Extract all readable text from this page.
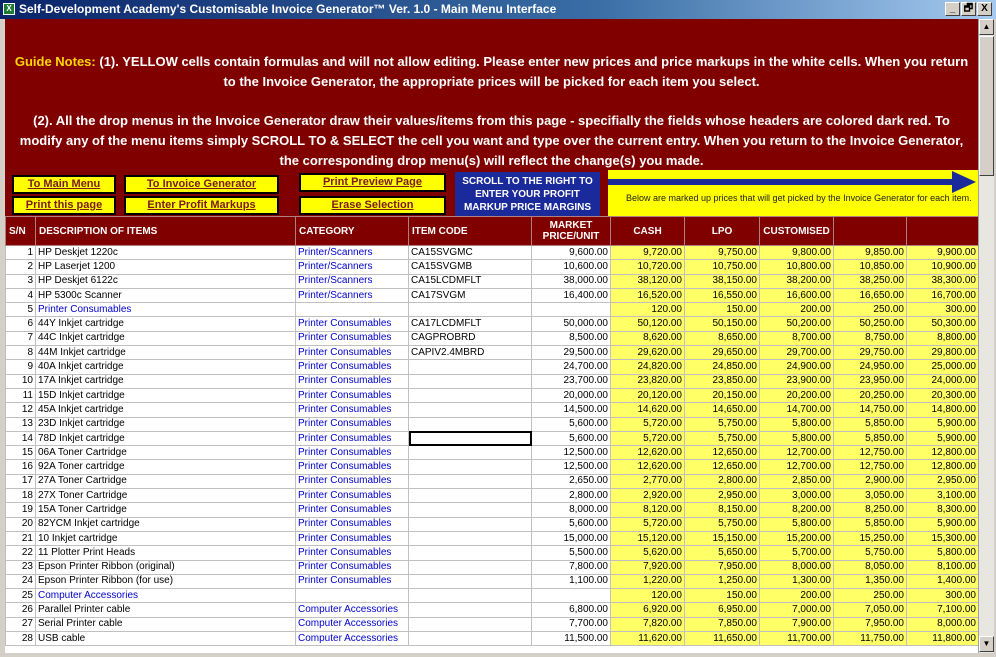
X Self-Development Academy's Customisable Invoice Generator™ Ver. 1.0 - Main Menu Interface	_ 🗗 X

Guide Notes: (1). YELLOW cells contain formulas and will not allow editing. Please enter new prices and price markups in the white cells. When you return to the Invoice Generator, the appropriate prices will be picked for each item you select.

(2). All the drop menus in the Invoice Generator draw their values/items from this page - specifially the fields whose headers are colored dark red. To modify any of the menu items simply SCROLL TO & SELECT the cell you want and type over the current entry. When you return to the Invoice Generator, the corresponding drop menu(s) will reflect the change(s) you made.

To Main Menu	To Invoice Generator	Print Preview Page
Print this page	Enter Profit Markups	Erase Selection
SCROLL TO THE RIGHT TO ENTER YOUR PROFIT MARKUP PRICE MARGINS
Below are marked up prices that will get picked by the Invoice Generator for each item.
S/N	DESCRIPTION OF ITEMS	CATEGORY	ITEM CODE	MARKET PRICE/UNIT	CASH	LPO	CUSTOMISED		
1	HP Deskjet 1220c	Printer/Scanners	CA15SVGMC	9,600.00	9,720.00	9,750.00	9,800.00	9,850.00	9,900.00
2	HP Laserjet 1200	Printer/Scanners	CA15SVGMB	10,600.00	10,720.00	10,750.00	10,800.00	10,850.00	10,900.00
3	HP Deskjet 6122c	Printer/Scanners	CA15LCDMFLT	38,000.00	38,120.00	38,150.00	38,200.00	38,250.00	38,300.00
4	HP 5300c Scanner	Printer/Scanners	CA17SVGM	16,400.00	16,520.00	16,550.00	16,600.00	16,650.00	16,700.00
5	Printer Consumables				120.00	150.00	200.00	250.00	300.00
6	44Y Inkjet cartridge	Printer Consumables	CA17LCDMFLT	50,000.00	50,120.00	50,150.00	50,200.00	50,250.00	50,300.00
7	44C Inkjet cartridge	Printer Consumables	CAGPROBRD	8,500.00	8,620.00	8,650.00	8,700.00	8,750.00	8,800.00
8	44M Inkjet cartridge	Printer Consumables	CAPIV2.4MBRD	29,500.00	29,620.00	29,650.00	29,700.00	29,750.00	29,800.00
9	40A Inkjet cartridge	Printer Consumables		24,700.00	24,820.00	24,850.00	24,900.00	24,950.00	25,000.00
10	17A Inkjet cartridge	Printer Consumables		23,700.00	23,820.00	23,850.00	23,900.00	23,950.00	24,000.00
11	15D Inkjet cartridge	Printer Consumables		20,000.00	20,120.00	20,150.00	20,200.00	20,250.00	20,300.00
12	45A Inkjet cartridge	Printer Consumables		14,500.00	14,620.00	14,650.00	14,700.00	14,750.00	14,800.00
13	23D Inkjet cartridge	Printer Consumables		5,600.00	5,720.00	5,750.00	5,800.00	5,850.00	5,900.00
14	78D Inkjet cartridge	Printer Consumables		5,600.00	5,720.00	5,750.00	5,800.00	5,850.00	5,900.00
15	06A Toner Cartridge	Printer Consumables		12,500.00	12,620.00	12,650.00	12,700.00	12,750.00	12,800.00
16	92A Toner cartridge	Printer Consumables		12,500.00	12,620.00	12,650.00	12,700.00	12,750.00	12,800.00
17	27A Toner Cartridge	Printer Consumables		2,650.00	2,770.00	2,800.00	2,850.00	2,900.00	2,950.00
18	27X Toner Cartridge	Printer Consumables		2,800.00	2,920.00	2,950.00	3,000.00	3,050.00	3,100.00
19	15A Toner Cartridge	Printer Consumables		8,000.00	8,120.00	8,150.00	8,200.00	8,250.00	8,300.00
20	82YCM Inkjet cartridge	Printer Consumables		5,600.00	5,720.00	5,750.00	5,800.00	5,850.00	5,900.00
21	10 Inkjet cartridge	Printer Consumables		15,000.00	15,120.00	15,150.00	15,200.00	15,250.00	15,300.00
22	11 Plotter Print Heads	Printer Consumables		5,500.00	5,620.00	5,650.00	5,700.00	5,750.00	5,800.00
23	Epson Printer Ribbon (original)	Printer Consumables		7,800.00	7,920.00	7,950.00	8,000.00	8,050.00	8,100.00
24	Epson Printer Ribbon (for use)	Printer Consumables		1,100.00	1,220.00	1,250.00	1,300.00	1,350.00	1,400.00
25	Computer Accessories				120.00	150.00	200.00	250.00	300.00
26	Parallel Printer cable	Computer Accessories		6,800.00	6,920.00	6,950.00	7,000.00	7,050.00	7,100.00
27	Serial Printer cable	Computer Accessories		7,700.00	7,820.00	7,850.00	7,900.00	7,950.00	8,000.00
28	USB cable	Computer Accessories		11,500.00	11,620.00	11,650.00	11,700.00	11,750.00	11,800.00
▲
▼
